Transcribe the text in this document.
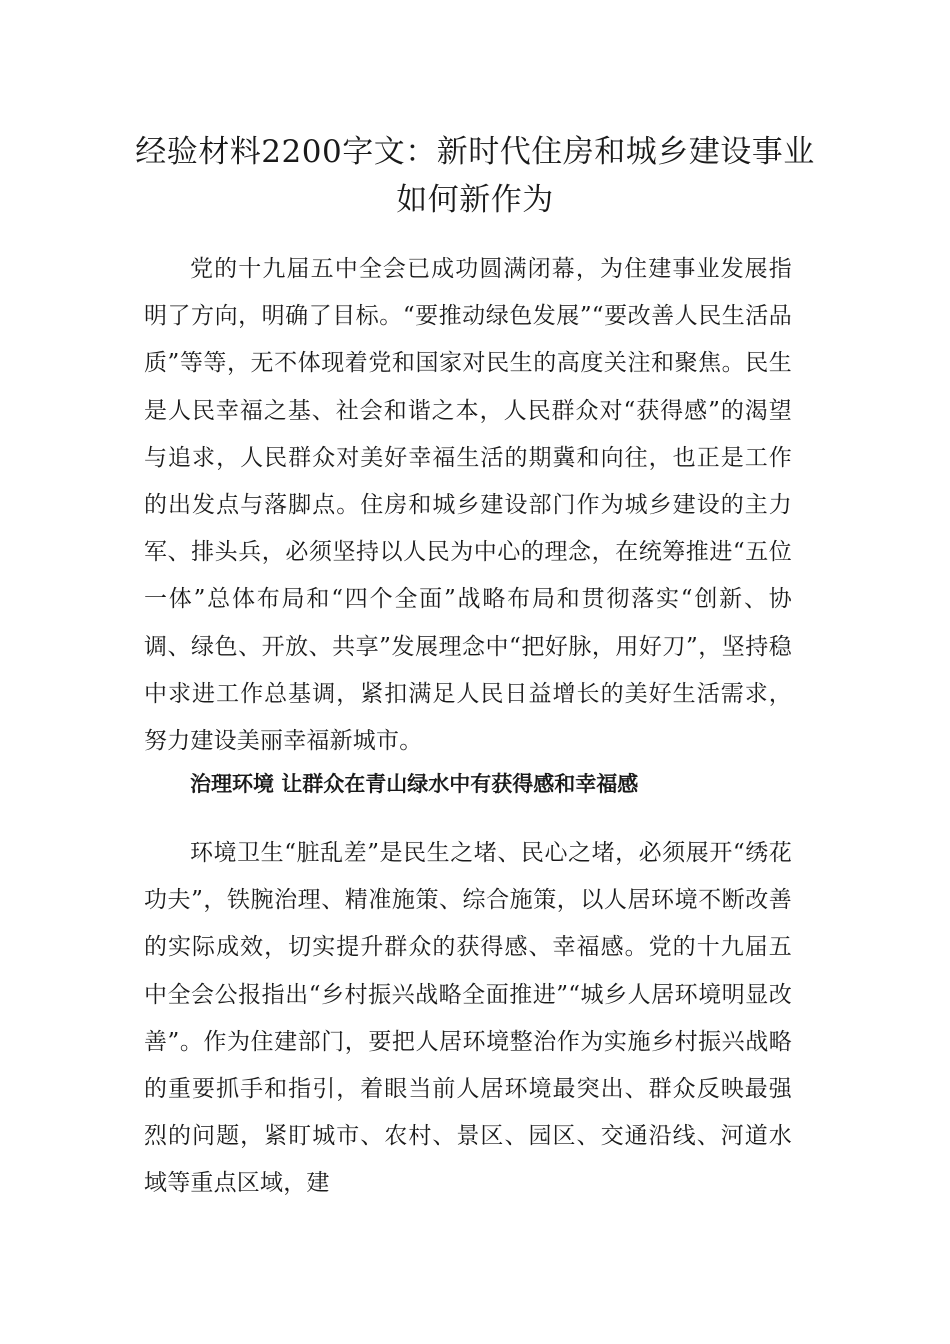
经验材料2200字文：新时代住房和城乡建设事业如何新作为

党的十九届五中全会已成功圆满闭幕，为住建事业发展指明了方向，明确了目标。“要推动绿色发展”“要改善人民生活品质”等等，无不体现着党和国家对民生的高度关注和聚焦。民生是人民幸福之基、社会和谐之本，人民群众对“获得感”的渴望与追求，人民群众对美好幸福生活的期冀和向往，也正是工作的出发点与落脚点。住房和城乡建设部门作为城乡建设的主力军、排头兵，必须坚持以人民为中心的理念，在统筹推进“五位一体”总体布局和“四个全面”战略布局和贯彻落实“创新、协调、绿色、开放、共享”发展理念中“把好脉，用好刀”，坚持稳中求进工作总基调，紧扣满足人民日益增长的美好生活需求，努力建设美丽幸福新城市。

治理环境 让群众在青山绿水中有获得感和幸福感

环境卫生“脏乱差”是民生之堵、民心之堵，必须展开“绣花功夫”，铁腕治理、精准施策、综合施策，以人居环境不断改善的实际成效，切实提升群众的获得感、幸福感。党的十九届五中全会公报指出“乡村振兴战略全面推进”“城乡人居环境明显改善”。作为住建部门，要把人居环境整治作为实施乡村振兴战略的重要抓手和指引，着眼当前人居环境最突出、群众反映最强烈的问题，紧盯城市、农村、景区、园区、交通沿线、河道水域等重点区域，建
